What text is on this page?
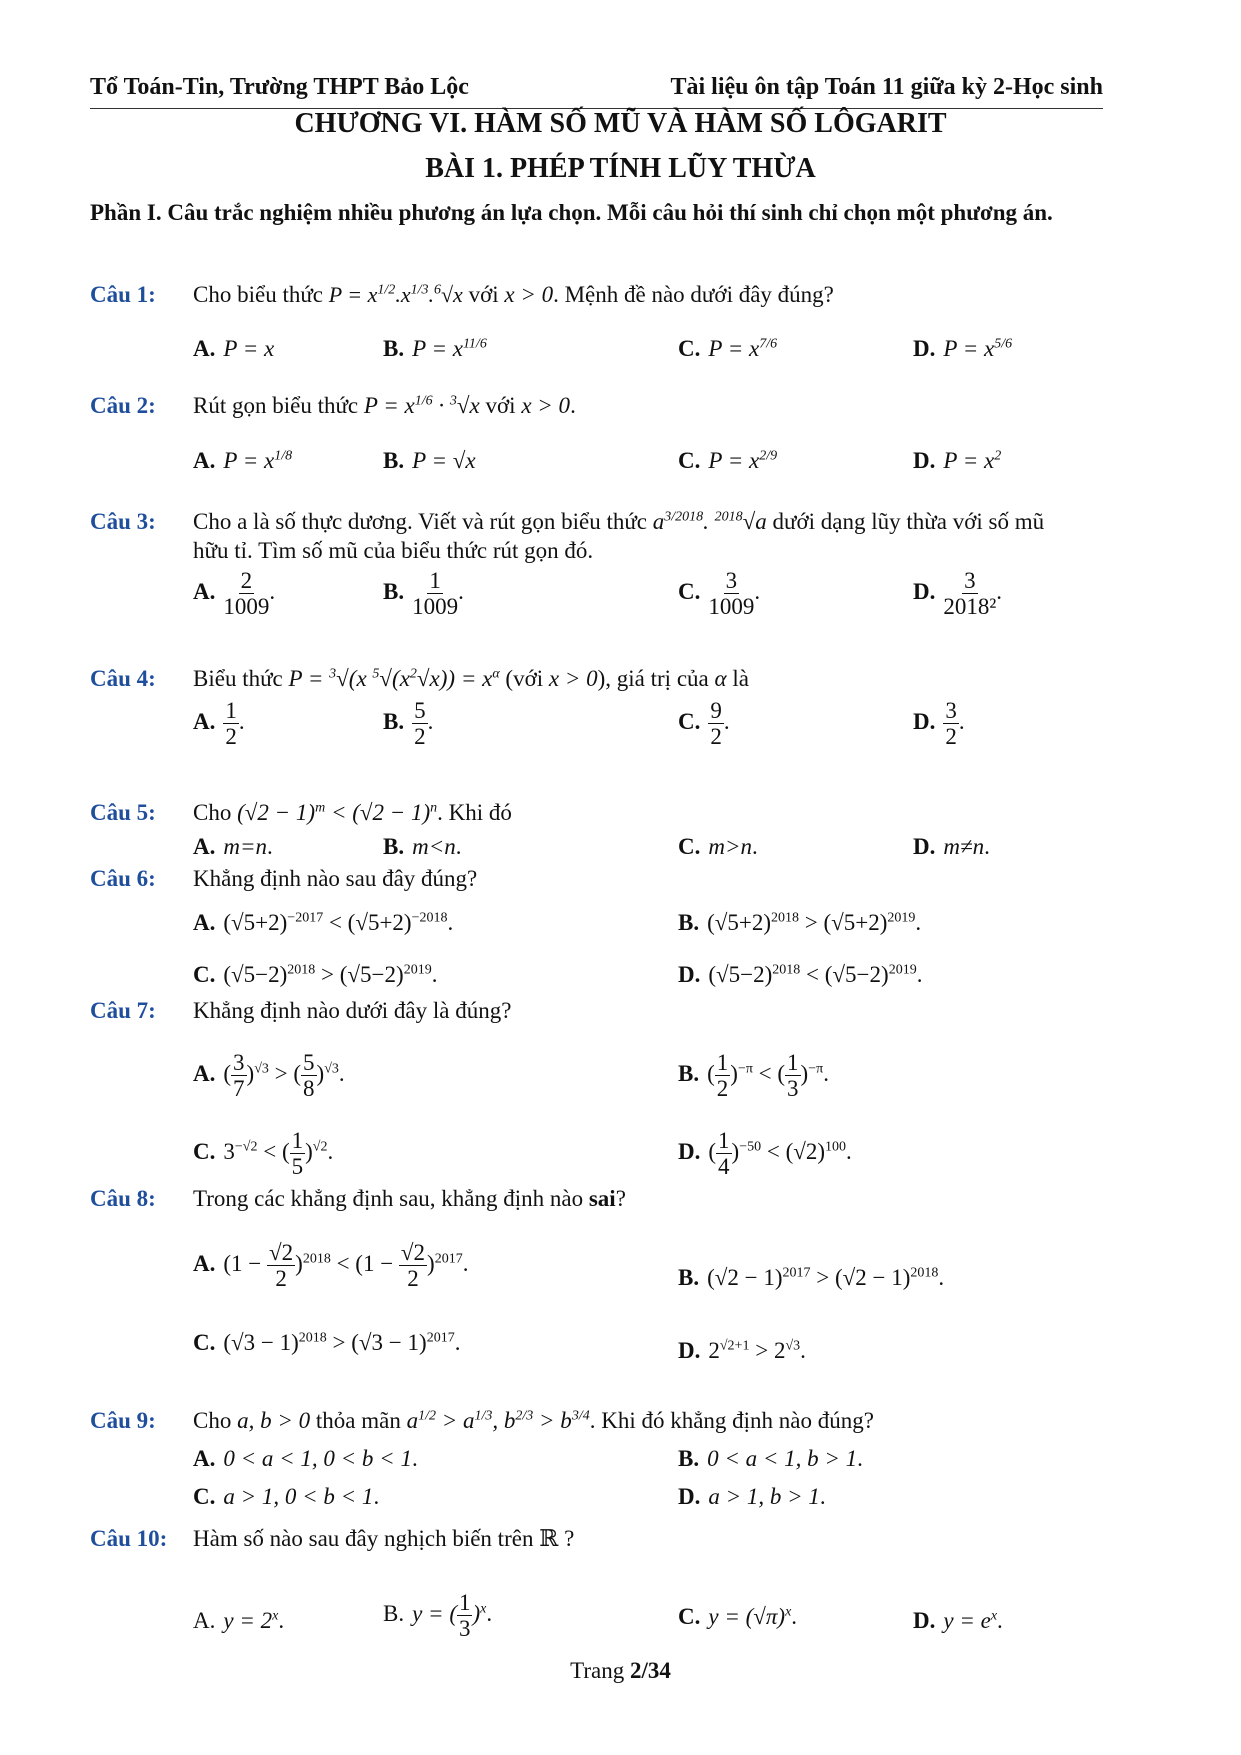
Tổ Toán-Tin, Trường THPT Bảo Lộc	Tài liệu ôn tập Toán 11 giữa kỳ 2-Học sinh
CHƯƠNG VI. HÀM SỐ MŨ VÀ HÀM SỐ LÔGARIT
BÀI 1. PHÉP TÍNH LŨY THỪA
Phần I. Câu trắc nghiệm nhiều phương án lựa chọn. Mỗi câu hỏi thí sinh chỉ chọn một phương án.
Câu 1: Cho biểu thức $P = x^{1/2}.x^{1/3}.^6√x$ với x > 0. Mệnh đề nào dưới đây đúng?
A. P = x	B. $P = x^{11/6}$	C. $P = x^{7/6}$	D. $P = x^{5/6}$
Câu 2: Rút gọn biểu thức $P = x^{1/6} \cdot ^3√x$ với x > 0.
A. $P = x^{1/8}$	B. P = √x	C. $P = x^{2/9}$	D. $P = x^2$
Câu 3: Cho a là số thực dương. Viết và rút gọn biểu thức $a^{3/2018}$. $^{2018}$√a dưới dạng lũy thừa với số mũ
hữu tỉ. Tìm số mũ của biểu thức rút gọn đó.
A. $\frac{2}{1009}$ .	B. $\frac{1}{1009}$ .	C. $\frac{3}{1009}$ .	D. $\frac{3}{\text{2018²}}$ .
Câu 4: Biểu thức P = $^3$√(x $^5√(x^2√x)) = x^\alpha$ (với x > 0), giá trị của α là
A. $\frac{1}{2}$ .	B. $\frac{5}{2}$ .	C. $\frac{9}{2}$ .	D. $\frac{3}{2}$ .
Câu 5: Cho $(√2 - 1)^m < (√2 - 1)^n$. Khi đó
A. m=n.	B. m<n.	C. m>n.	D. m≠n.
Câu 6: Khẳng định nào sau đây đúng?
A. $(√5+2)^{-2017} < (√5+2)^{-2018}$.	B. $(√5+2)^{2018} > (√5+2)^{2019}$.
C. $(√5-2)^{2018} > (√5-2)^{2019}$.	D. $(√5-2)^{2018} < (√5-2)^{2019}$.
Câu 7: Khẳng định nào dưới đây là đúng?
A. ( $\frac{3}{7} )^{√3}$ > ( $\frac{5}{8} )^{√3}$.	B. ( $\frac{1}{2} )^{-\pi}$ < ( $\frac{1}{3} )^{-\pi}$.
C. $3^{-√2}$ < ( $\frac{1}{5} )^{√2}$.	D. ( $\frac{1}{4} )^{-50} < (√2)^{100}$.
Câu 8: Trong các khẳng định sau, khẳng định nào sai?
A. $(1 - \frac{√2}{2} )^{2018} < (1 - \frac{√2}{2} )^{2017}$.
B. $(√2 - 1)^{2017} > (√2 - 1)^{2018}$.
C. $(√3 - 1)^{2018} > (√3 - 1)^{2017}$.	D. $2^{√2+1} > 2^{√3}$.
Câu 9: Cho a, b > 0 thỏa mãn $a^{1/2} > a^{1/3}$, $b^{2/3} > b^{3/4}$. Khi đó khẳng định nào đúng?
A. 0 < a < 1, 0 < b < 1.	B. 0 < a < 1, b > 1.
C. a > 1, 0 < b < 1.	D. a > 1, b > 1.
Câu 10: Hàm số nào sau đây nghịch biến trên ℝ ?
A. $y = 2^x$.	B. y = ( $\frac{1}{3} )^x$.	C. $y = (√\pi)^x$.	D. $y = e^x$.
Trang 2/34
